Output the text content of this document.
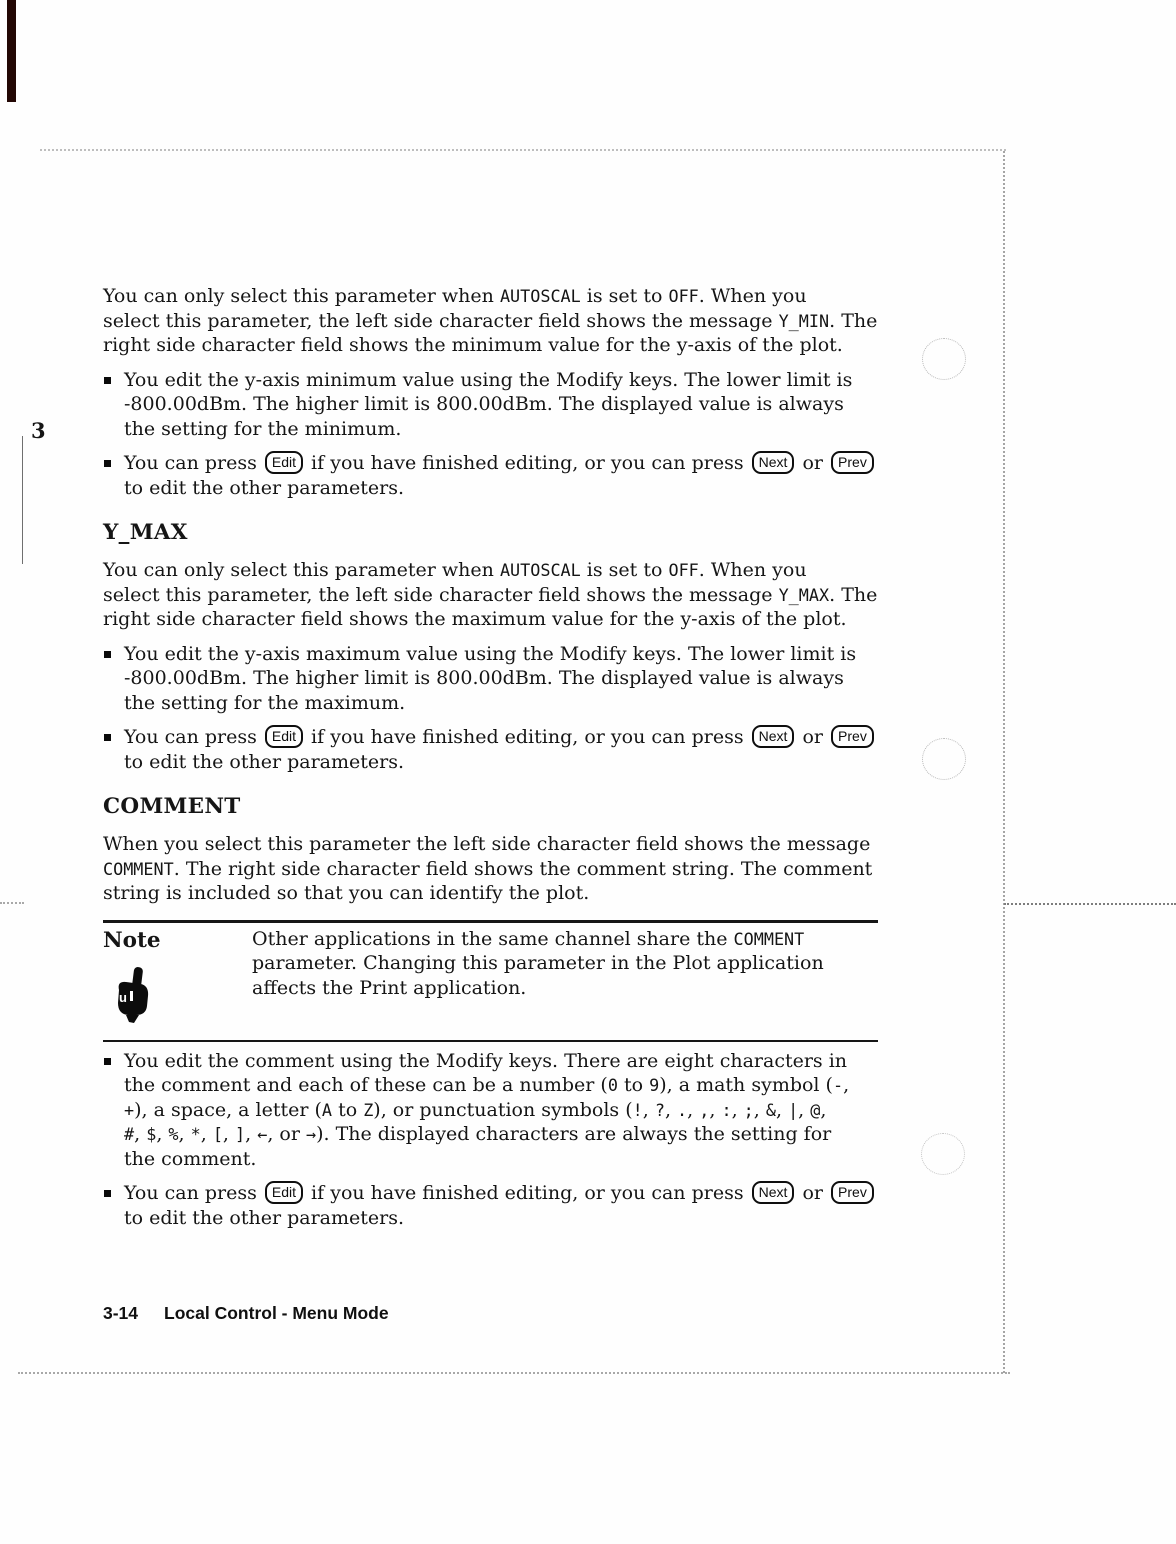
3
You can only select this parameter when AUTOSCAL is set to OFF. When you
select this parameter, the left side character field shows the message Y_MIN. The
right side character field shows the minimum value for the y-axis of the plot.
You edit the y-axis minimum value using the Modify keys. The lower limit is
-800.00dBm. The higher limit is 800.00dBm. The displayed value is always
the setting for the minimum.
You can press Edit if you have finished editing, or you can press Next or Prev
to edit the other parameters.
Y_MAX
You can only select this parameter when AUTOSCAL is set to OFF. When you
select this parameter, the left side character field shows the message Y_MAX. The
right side character field shows the maximum value for the y-axis of the plot.
You edit the y-axis maximum value using the Modify keys. The lower limit is
-800.00dBm. The higher limit is 800.00dBm. The displayed value is always
the setting for the maximum.
You can press Edit if you have finished editing, or you can press Next or Prev
to edit the other parameters.
COMMENT
When you select this parameter the left side character field shows the message
COMMENT. The right side character field shows the comment string. The comment
string is included so that you can identify the plot.
Note
u
Other applications in the same channel share the COMMENT
parameter. Changing this parameter in the Plot application
affects the Print application.
You edit the comment using the Modify keys. There are eight characters in
the comment and each of these can be a number (0 to 9), a math symbol (-,
+), a space, a letter (A to Z), or punctuation symbols (!, ?, ., ,, :, ;, &, |, @,
#, $, %, *, [, ], ←, or →). The displayed characters are always the setting for
the comment.
You can press Edit if you have finished editing, or you can press Next or Prev
to edit the other parameters.
3-14 Local Control - Menu Mode
